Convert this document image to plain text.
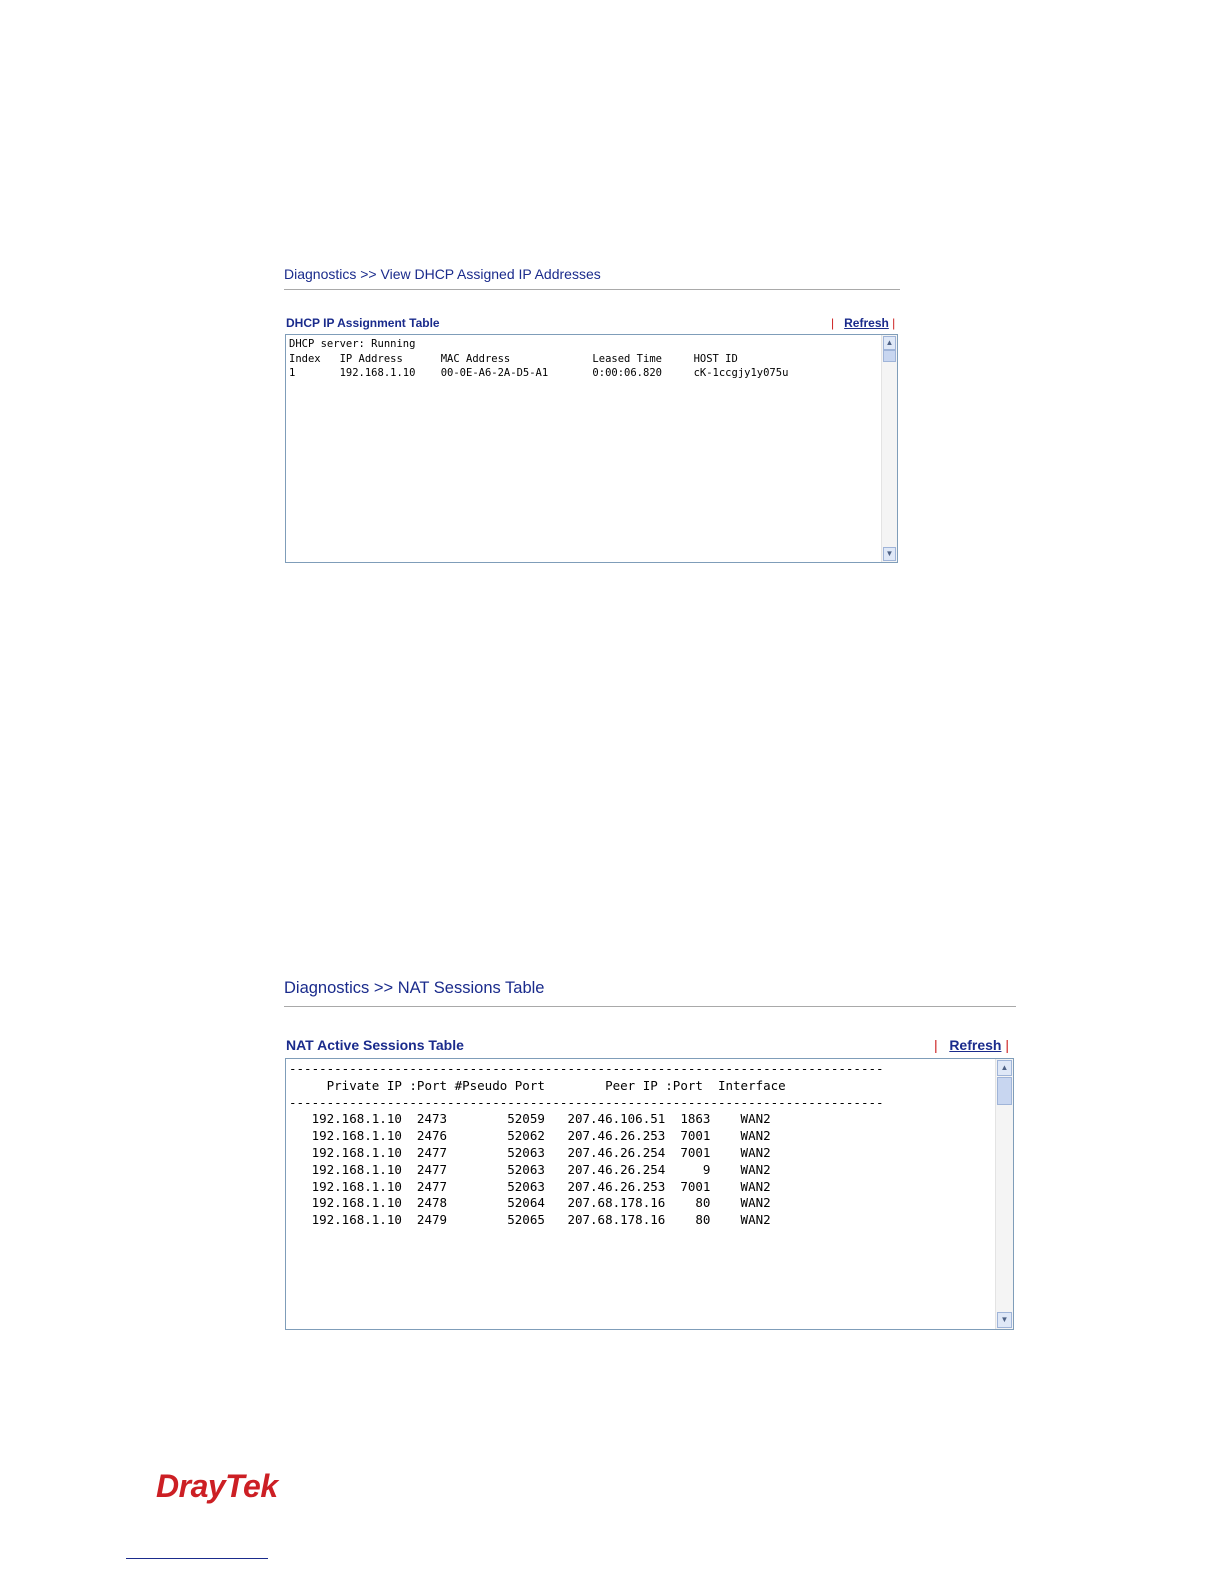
Diagnostics >> View DHCP Assigned IP Addresses
DHCP IP Assignment Table	| Refresh |
DHCP server: Running
Index   IP Address      MAC Address             Leased Time     HOST ID
1       192.168.1.10    00-0E-A6-2A-D5-A1       0:00:06.820     cK-1ccgjy1y075u
▲
▼
Diagnostics >> NAT Sessions Table
NAT Active Sessions Table	| Refresh |
-------------------------------------------------------------------------------
Private IP :Port #Pseudo Port        Peer IP :Port  Interface
-------------------------------------------------------------------------------
192.168.1.10  2473        52059   207.46.106.51  1863    WAN2
192.168.1.10  2476        52062   207.46.26.253  7001    WAN2
192.168.1.10  2477        52063   207.46.26.254  7001    WAN2
192.168.1.10  2477        52063   207.46.26.254     9    WAN2
192.168.1.10  2477        52063   207.46.26.253  7001    WAN2
192.168.1.10  2478        52064   207.68.178.16    80    WAN2
192.168.1.10  2479        52065   207.68.178.16    80    WAN2
▲
▼
DrayTek
